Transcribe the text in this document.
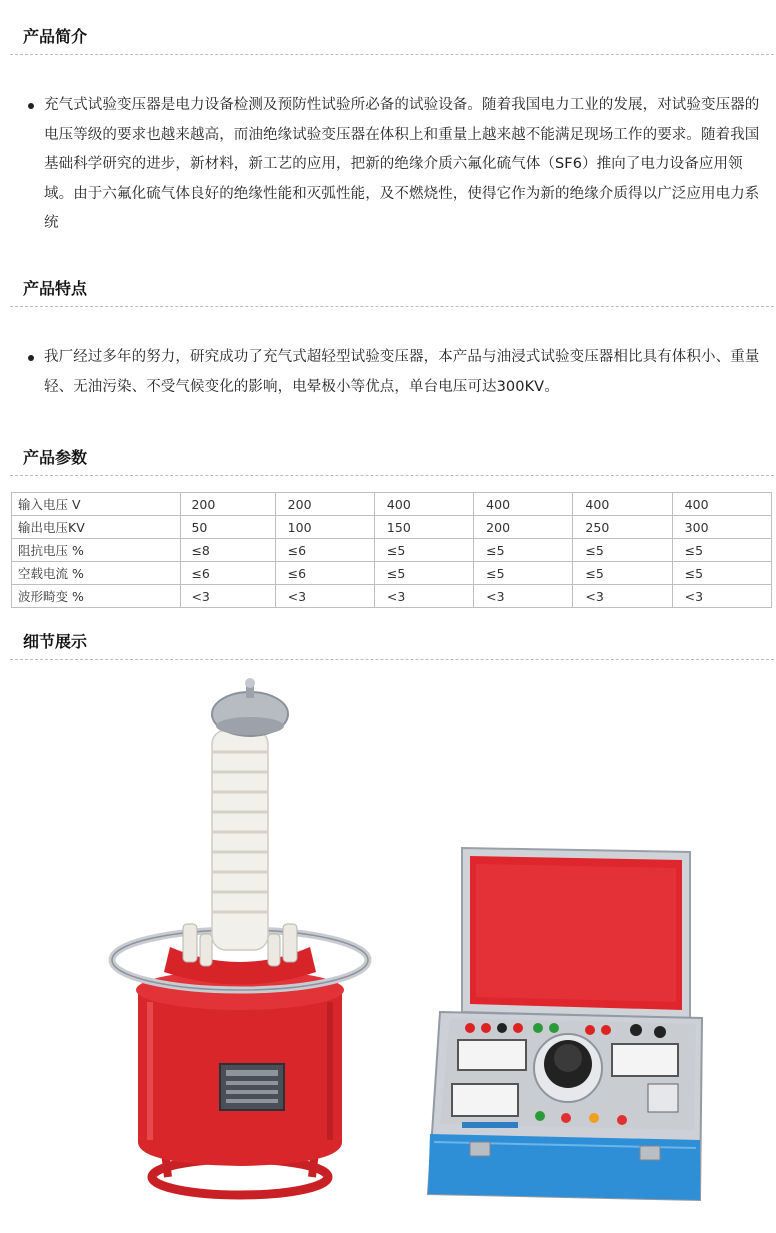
产品简介
充气式试验变压器是电力设备检测及预防性试验所必备的试验设备。随着我国电力工业的发展，对试验变压器的电压等级的要求也越来越高，而油绝缘试验变压器在体积上和重量上越来越不能满足现场工作的要求。随着我国基础科学研究的进步，新材料，新工艺的应用，把新的绝缘介质六氟化硫气体（SF6）推向了电力设备应用领域。由于六氟化硫气体良好的绝缘性能和灭弧性能，及不燃烧性，使得它作为新的绝缘介质得以广泛应用电力系统
产品特点
我厂经过多年的努力，研究成功了充气式超轻型试验变压器，本产品与油浸式试验变压器相比具有体积小、重量轻、无油污染、不受气候变化的影响，电晕极小等优点，单台电压可达300KV。
产品参数
输入电压 V	200	200	400	400	400	400
输出电压KV	50	100	150	200	250	300
阻抗电压 %	≤8	≤6	≤5	≤5	≤5	≤5
空载电流 %	≤6	≤6	≤5	≤5	≤5	≤5
波形畸变 %	<3	<3	<3	<3	<3	<3
细节展示
